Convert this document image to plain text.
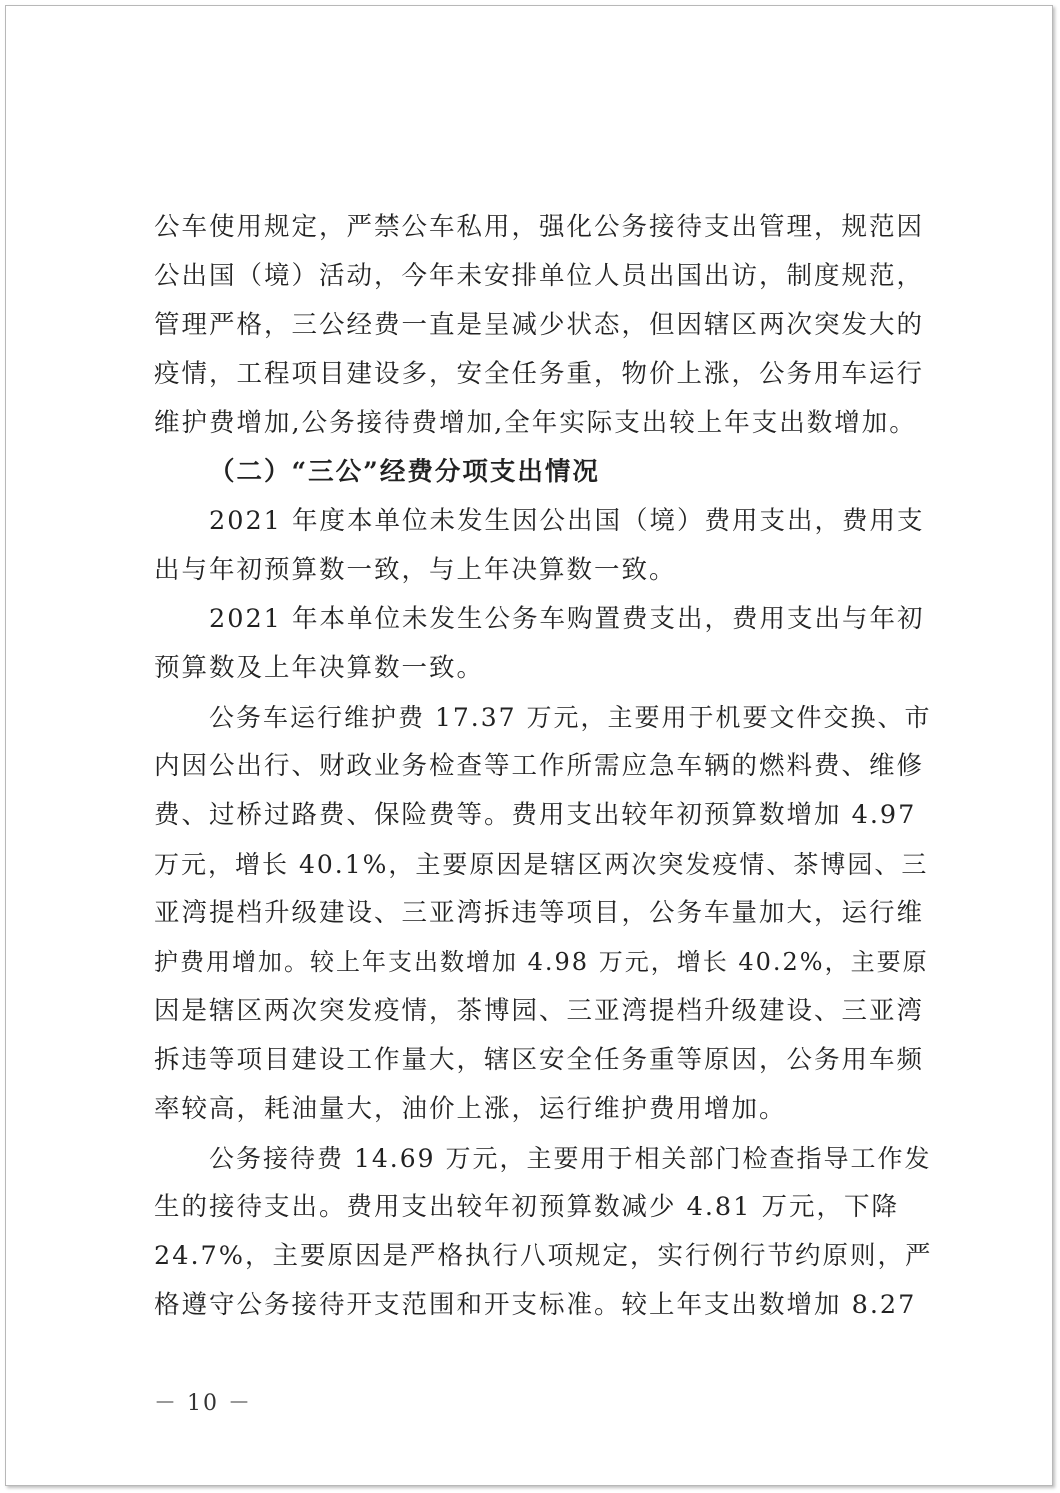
公车使用规定，严禁公车私用，强化公务接待支出管理，规范因
公出国（境）活动，今年未安排单位人员出国出访，制度规范，
管理严格，三公经费一直是呈减少状态，但因辖区两次突发大的
疫情，工程项目建设多，安全任务重，物价上涨，公务用车运行
维护费增加,公务接待费增加,全年实际支出较上年支出数增加。
（二）“三公”经费分项支出情况
2021 年度本单位未发生因公出国（境）费用支出，费用支
出与年初预算数一致，与上年决算数一致。
2021 年本单位未发生公务车购置费支出，费用支出与年初
预算数及上年决算数一致。
公务车运行维护费 17.37 万元，主要用于机要文件交换、市
内因公出行、财政业务检查等工作所需应急车辆的燃料费、维修
费、过桥过路费、保险费等。费用支出较年初预算数增加 4.97
万元，增长 40.1%，主要原因是辖区两次突发疫情、茶博园、三
亚湾提档升级建设、三亚湾拆违等项目，公务车量加大，运行维
护费用增加。较上年支出数增加 4.98 万元，增长 40.2%，主要原
因是辖区两次突发疫情，茶博园、三亚湾提档升级建设、三亚湾
拆违等项目建设工作量大，辖区安全任务重等原因，公务用车频
率较高，耗油量大，油价上涨，运行维护费用增加。
公务接待费 14.69 万元，主要用于相关部门检查指导工作发
生的接待支出。费用支出较年初预算数减少 4.81 万元，下降
24.7%，主要原因是严格执行八项规定，实行例行节约原则，严
格遵守公务接待开支范围和开支标准。较上年支出数增加 8.27
－ 10 －
